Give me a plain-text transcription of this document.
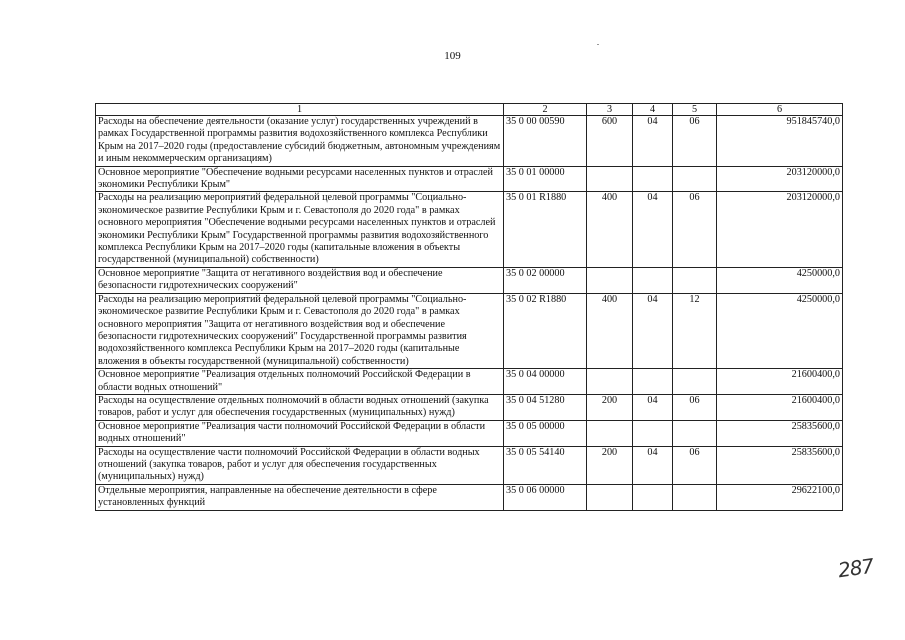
109
1	2	3	4	5	6
Расходы на обеспечение деятельности (оказание услуг) государственных учреждений в рамках Государственной программы развития водохозяйственного комплекса Республики Крым на 2017–2020 годы (предоставление субсидий бюджетным, автономным учреждениям и иным некоммерческим организациям)	35 0 00 00590	600	04	06	951845740,0
Основное мероприятие "Обеспечение водными ресурсами населенных пунктов и отраслей экономики Республики Крым"	35 0 01 00000				203120000,0
Расходы на реализацию мероприятий федеральной целевой программы "Социально-экономическое развитие Республики Крым и г. Севастополя до 2020 года" в рамках основного мероприятия "Обеспечение водными ресурсами населенных пунктов и отраслей экономики Республики Крым" Государственной программы развития водохозяйственного комплекса Республики Крым на 2017–2020 годы (капитальные вложения в объекты государственной (муниципальной) собственности)	35 0 01 R1880	400	04	06	203120000,0
Основное мероприятие "Защита от негативного воздействия вод и обеспечение безопасности гидротехнических сооружений"	35 0 02 00000				4250000,0
Расходы на реализацию мероприятий федеральной целевой программы "Социально-экономическое развитие Республики Крым и г. Севастополя до 2020 года" в рамках основного мероприятия "Защита от негативного воздействия вод и обеспечение безопасности гидротехнических сооружений" Государственной программы развития водохозяйственного комплекса Республики Крым на 2017–2020 годы (капитальные вложения в объекты государственной (муниципальной) собственности)	35 0 02 R1880	400	04	12	4250000,0
Основное мероприятие "Реализация отдельных полномочий Российской Федерации в области водных отношений"	35 0 04 00000				21600400,0
Расходы на осуществление отдельных полномочий в области водных отношений (закупка товаров, работ и услуг для обеспечения государственных (муниципальных) нужд)	35 0 04 51280	200	04	06	21600400,0
Основное мероприятие "Реализация части полномочий Российской Федерации в области водных отношений"	35 0 05 00000				25835600,0
Расходы на осуществление части полномочий Российской Федерации в области водных отношений (закупка товаров, работ и услуг для обеспечения государственных (муниципальных) нужд)	35 0 05 54140	200	04	06	25835600,0
Отдельные мероприятия, направленные на обеспечение деятельности в сфере установленных функций	35 0 06 00000				29622100,0
287
